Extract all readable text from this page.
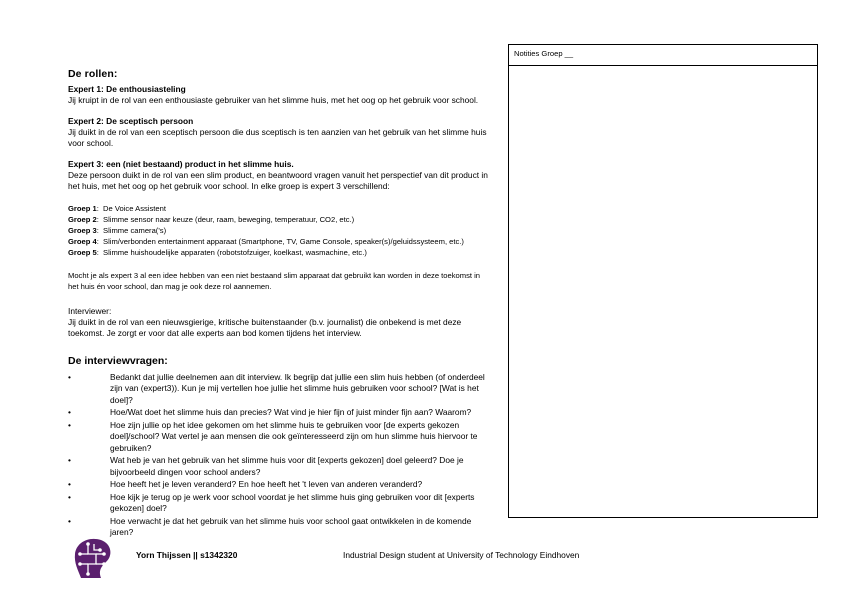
De rollen:

Expert 1: De enthousiasteling

Jij kruipt in de rol van een enthousiaste gebruiker van het slimme huis, met het oog op het gebruik voor school.

Expert 2: De sceptisch persoon

Jij duikt in de rol van een sceptisch persoon die dus sceptisch is ten aanzien van het gebruik van het slimme huis voor school.

Expert 3: een (niet bestaand) product in het slimme huis.

Deze persoon duikt in de rol van een slim product, en beantwoord vragen vanuit het perspectief van dit product in het huis, met het oog op het gebruik voor school. In elke groep is expert 3 verschillend:

Groep 1:  De Voice Assistent
Groep 2:  Slimme sensor naar keuze (deur, raam, beweging, temperatuur, CO2, etc.)
Groep 3:  Slimme camera('s)
Groep 4:  Slim/verbonden entertainment apparaat (Smartphone, TV, Game Console, speaker(s)/geluidssysteem, etc.)
Groep 5:  Slimme huishoudelijke apparaten (robotstofzuiger, koelkast, wasmachine, etc.)

Mocht je als expert 3 al een idee hebben van een niet bestaand slim apparaat dat gebruikt kan worden in deze toekomst in het huis én voor school, dan mag je ook deze rol aannemen.

Interviewer:

Jij duikt in de rol van een nieuwsgierige, kritische buitenstaander (b.v. journalist) die onbekend is met deze toekomst. Je zorgt er voor dat alle experts aan bod komen tijdens het interview.

De interviewvragen:
•	Bedankt dat jullie deelnemen aan dit interview. Ik begrijp dat jullie een slim huis hebben (of onderdeel zijn van (expert3)). Kun je mij vertellen hoe jullie het slimme huis gebruiken voor school? [Wat is het doel]?
•	Hoe/Wat doet het slimme huis dan precies? Wat vind je hier fijn of juist minder fijn aan? Waarom?
•	Hoe zijn jullie op het idee gekomen om het slimme huis te gebruiken voor [de experts gekozen doel]/school? Wat vertel je aan mensen die ook geïnteresseerd zijn om hun slimme huis hiervoor te gebruiken?
•	Wat heb je van het gebruik van het slimme huis voor dit [experts gekozen] doel geleerd? Doe je bijvoorbeeld dingen voor school anders?
•	Hoe heeft het je leven veranderd? En hoe heeft het 't leven van anderen veranderd?
•	Hoe kijk je terug op je werk voor school voordat je het slimme huis ging gebruiken voor dit [experts gekozen] doel?
•	Hoe verwacht je dat het gebruik van het slimme huis voor school gaat ontwikkelen in de komende jaren?
Notities Groep __
Yorn Thijssen || s1342320	Industrial Design student at University of Technology Eindhoven
